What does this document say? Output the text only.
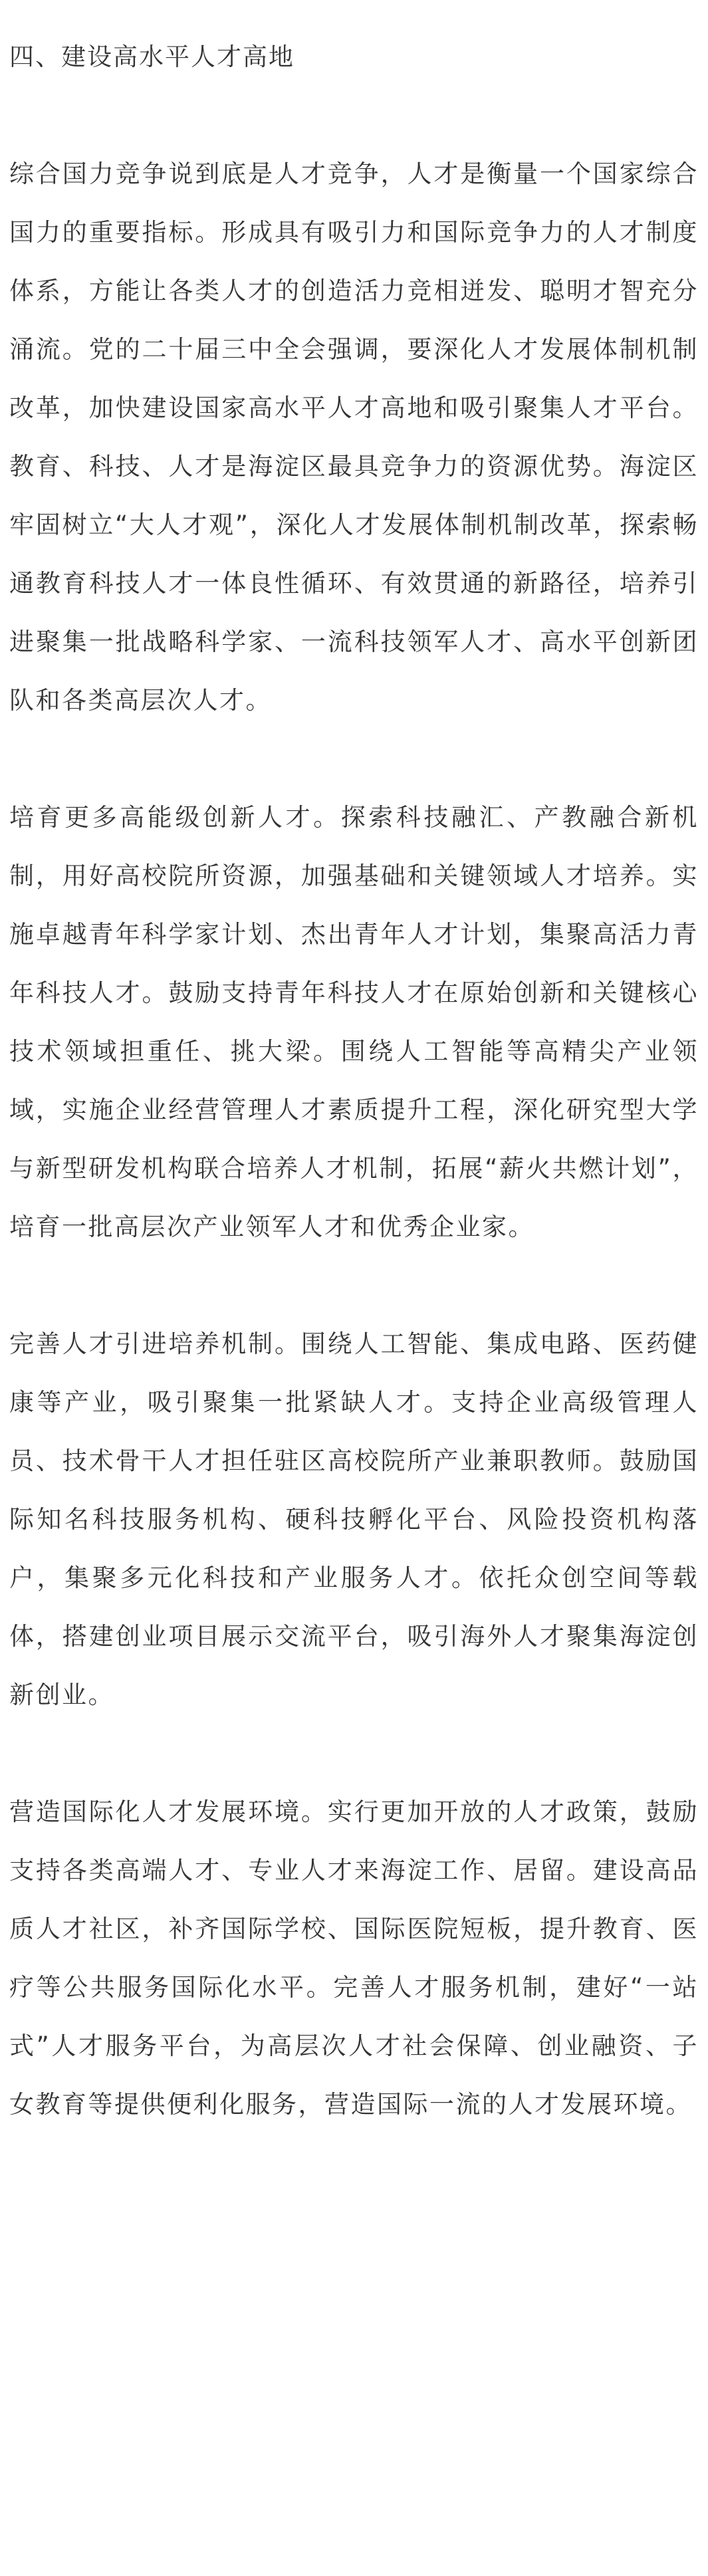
四、建设高水平人才高地

综合国力竞争说到底是人才竞争，人才是衡量一个国家综合国力的重要指标。形成具有吸引力和国际竞争力的人才制度体系，方能让各类人才的创造活力竞相迸发、聪明才智充分涌流。党的二十届三中全会强调，要深化人才发展体制机制改革，加快建设国家高水平人才高地和吸引聚集人才平台。教育、科技、人才是海淀区最具竞争力的资源优势。海淀区牢固树立“大人才观”，深化人才发展体制机制改革，探索畅通教育科技人才一体良性循环、有效贯通的新路径，培养引进聚集一批战略科学家、一流科技领军人才、高水平创新团队和各类高层次人才。

培育更多高能级创新人才。探索科技融汇、产教融合新机制，用好高校院所资源，加强基础和关键领域人才培养。实施卓越青年科学家计划、杰出青年人才计划，集聚高活力青年科技人才。鼓励支持青年科技人才在原始创新和关键核心技术领域担重任、挑大梁。围绕人工智能等高精尖产业领域，实施企业经营管理人才素质提升工程，深化研究型大学与新型研发机构联合培养人才机制，拓展“薪火共燃计划”，培育一批高层次产业领军人才和优秀企业家。

完善人才引进培养机制。围绕人工智能、集成电路、医药健康等产业，吸引聚集一批紧缺人才。支持企业高级管理人员、技术骨干人才担任驻区高校院所产业兼职教师。鼓励国际知名科技服务机构、硬科技孵化平台、风险投资机构落户，集聚多元化科技和产业服务人才。依托众创空间等载体，搭建创业项目展示交流平台，吸引海外人才聚集海淀创新创业。

营造国际化人才发展环境。实行更加开放的人才政策，鼓励支持各类高端人才、专业人才来海淀工作、居留。建设高品质人才社区，补齐国际学校、国际医院短板，提升教育、医疗等公共服务国际化水平。完善人才服务机制，建好“一站式”人才服务平台，为高层次人才社会保障、创业融资、子女教育等提供便利化服务，营造国际一流的人才发展环境。
